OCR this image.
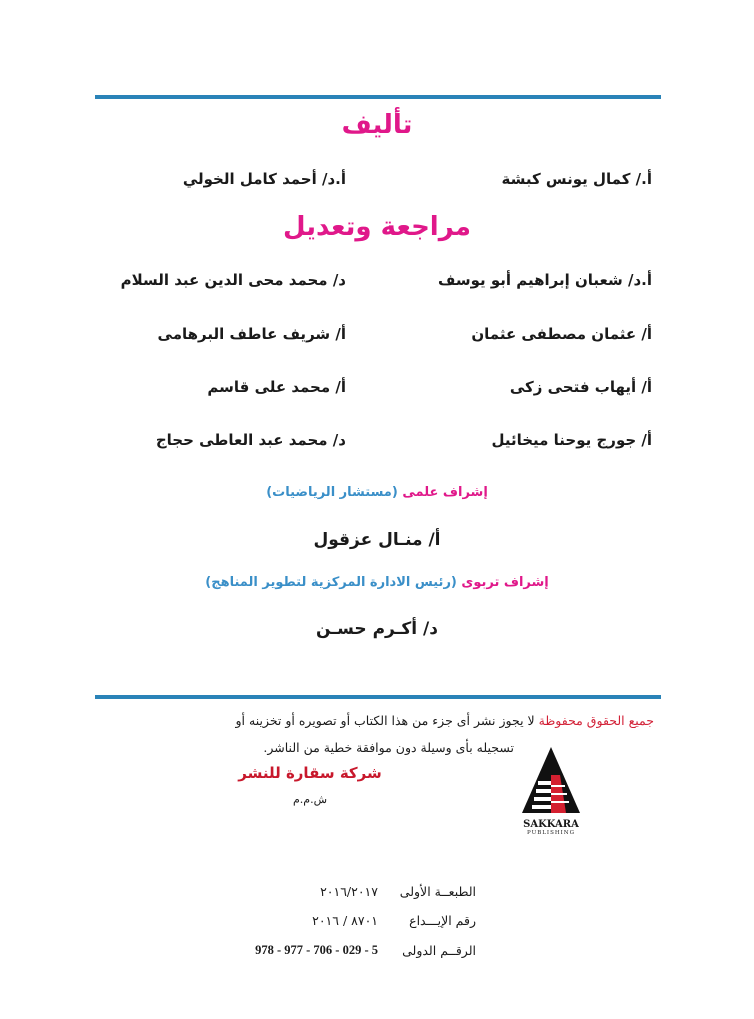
تأليف
أ./ كمال يونس كبشة
أ.د/ أحمد كامل الخولي
مراجعة وتعديل
أ.د/ شعبان إبراهيم أبو يوسف
د/ محمد محى الدين عبد السلام
أ/ عثمان مصطفى عثمان
أ/ شريف عاطف البرهامى
أ/ أيهاب فتحى زكى
أ/ محمد على قاسم
أ/ جورج يوحنا ميخائيل
د/ محمد عبد العاطى حجاج
إشراف علمى (مستشار الرياضيات)
أ/ منـال عزقول
إشراف تربوى (رئيس الادارة المركزية لتطوير المناهج)
د/ أكـرم حسـن
جميع الحقوق محفوظة لا يجوز نشر أى جزء من هذا الكتاب أو تصويره أو تخزينه أو
تسجيله بأى وسيلة دون موافقة خطية من الناشر.
شركة سقارة للنشر
ش.م.م
SAKKARA
PUBLISHING
الطبعــة الأولى
٢٠١٦/٢٠١٧
رقم الإيـــداع
٨٧٠١ / ٢٠١٦
الرقــم الدولى
978 - 977 - 706 - 029 - 5
